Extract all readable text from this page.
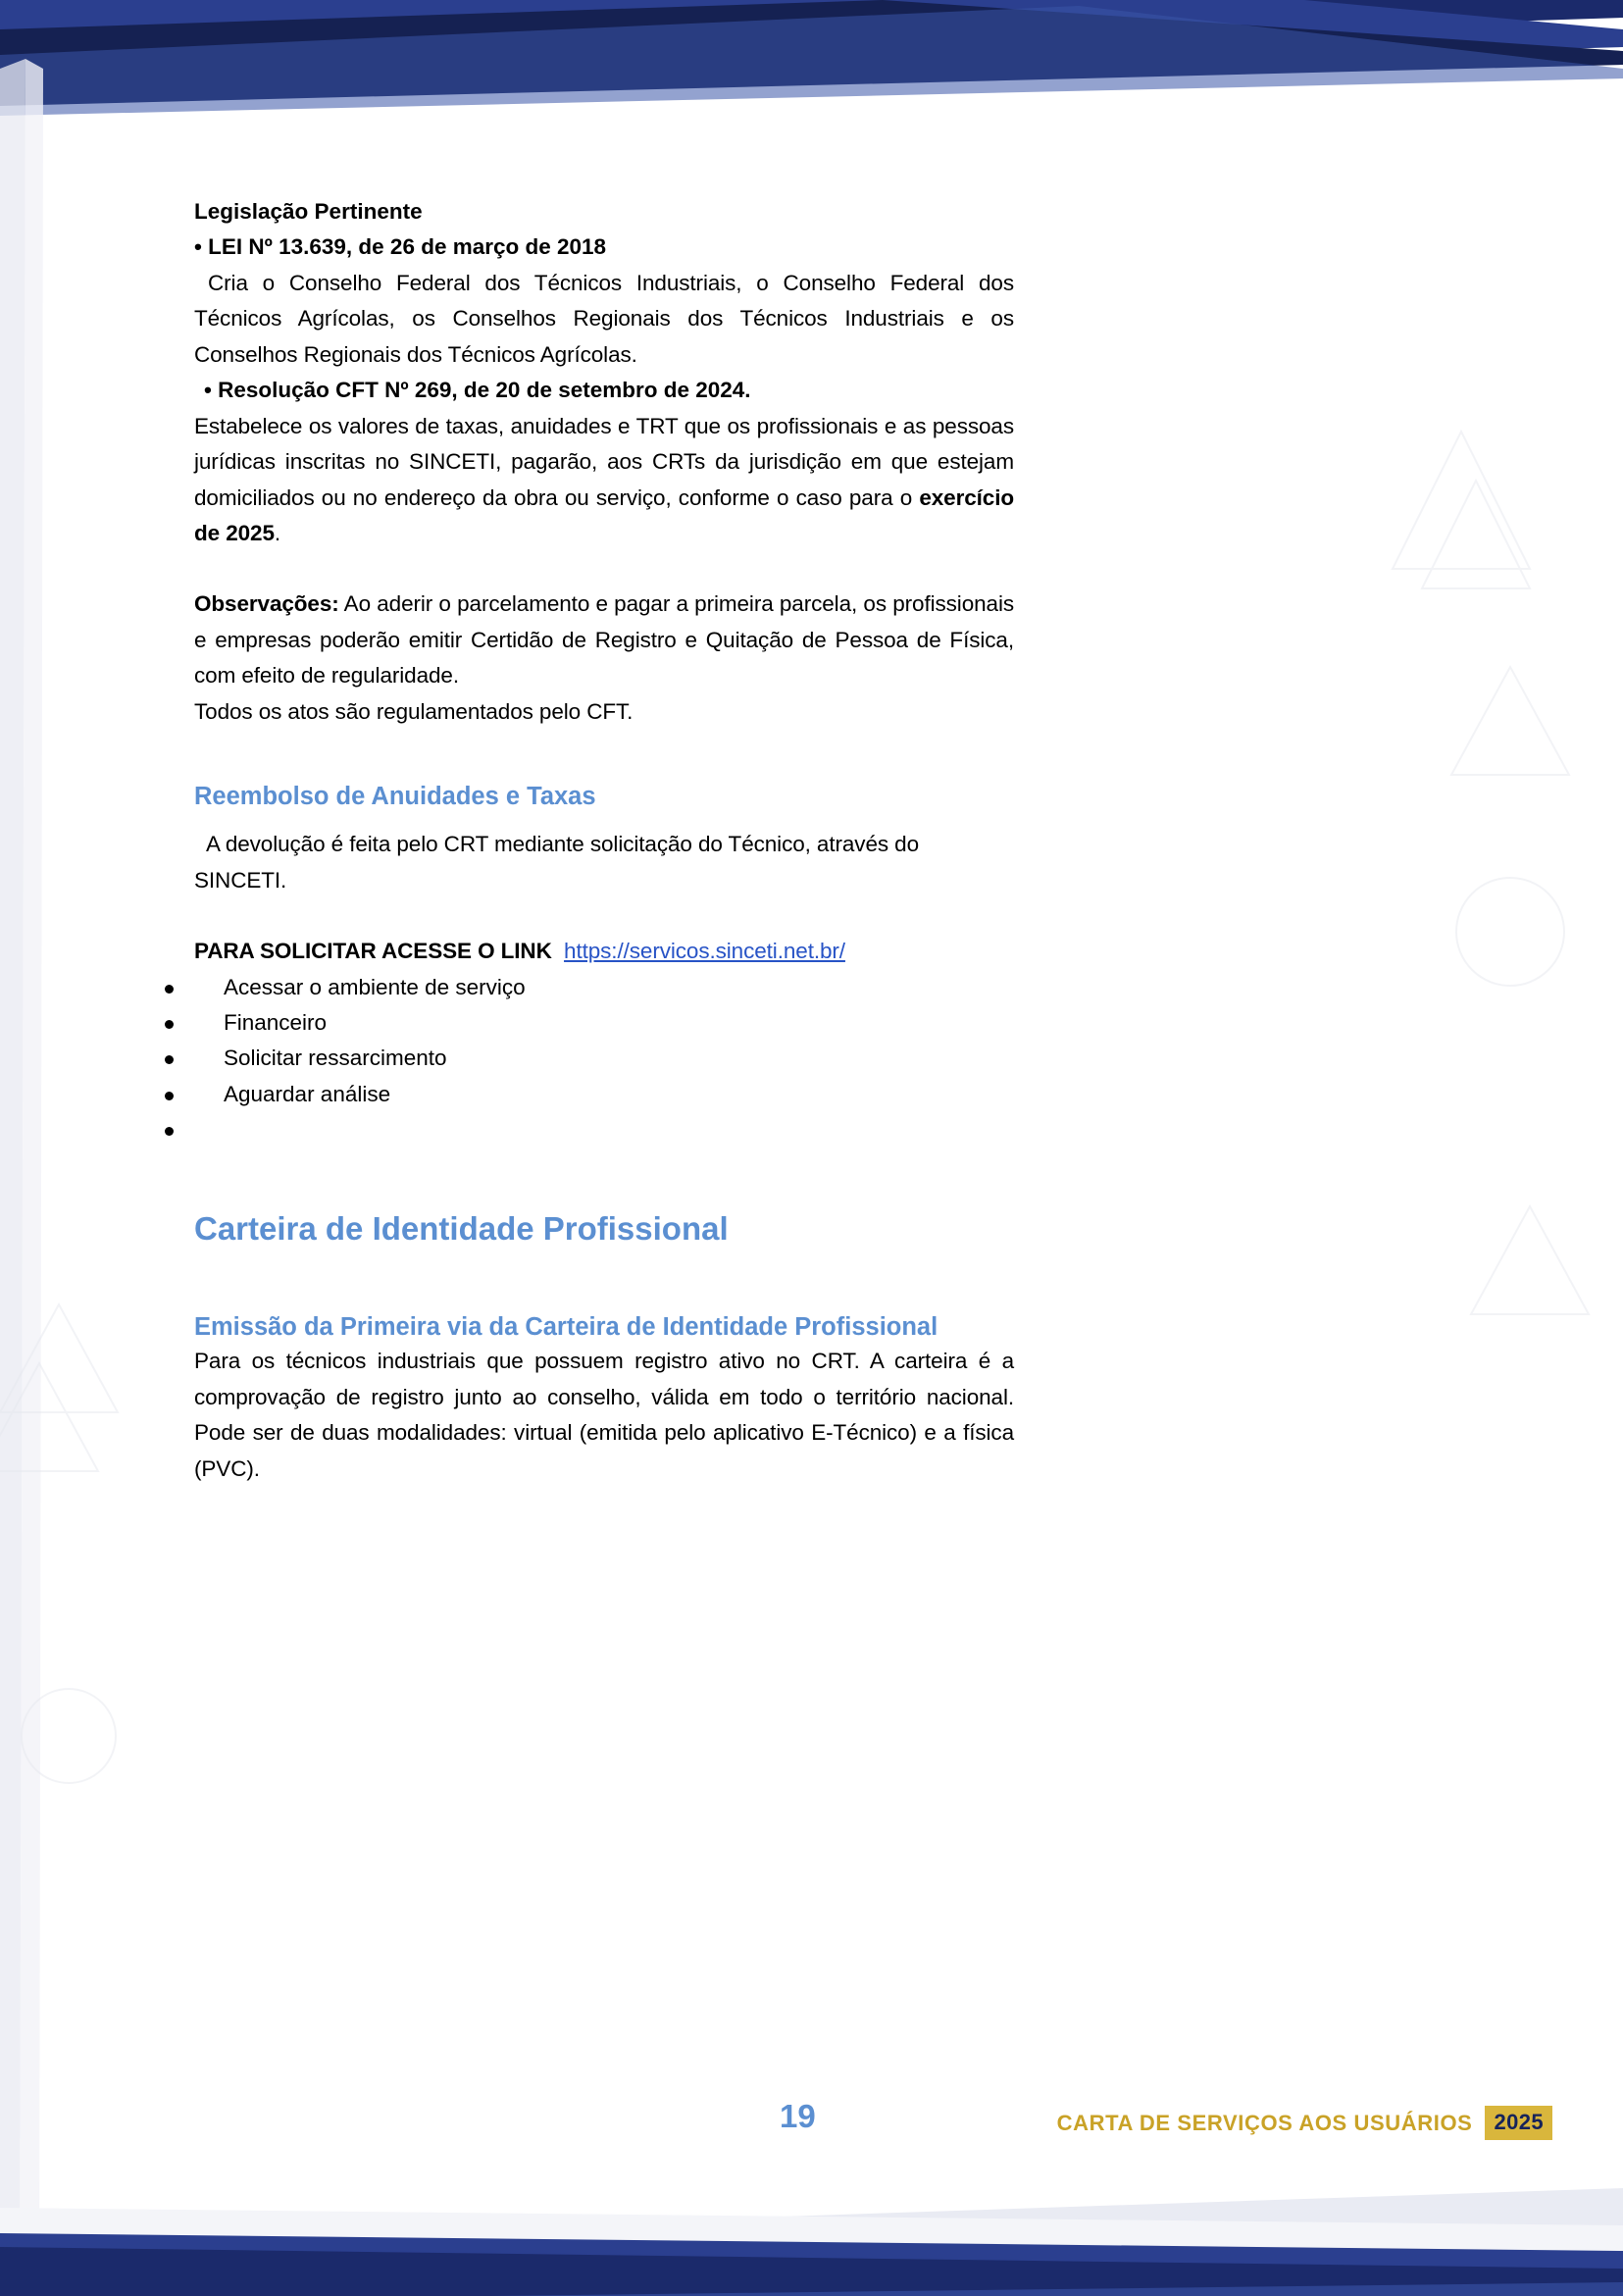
Legislação Pertinente
• LEI Nº 13.639, de 26 de março de 2018

Cria o Conselho Federal dos Técnicos Industriais, o Conselho Federal dos Técnicos Agrícolas, os Conselhos Regionais dos Técnicos Industriais e os Conselhos Regionais dos Técnicos Agrícolas.

• Resolução CFT Nº 269, de 20 de setembro de 2024.

Estabelece os valores de taxas, anuidades e TRT que os profissionais e as pessoas jurídicas inscritas no SINCETI, pagarão, aos CRTs da jurisdição em que estejam domiciliados ou no endereço da obra ou serviço, conforme o caso para o exercício de 2025.

Observações: Ao aderir o parcelamento e pagar a primeira parcela, os profissionais e empresas poderão emitir Certidão de Registro e Quitação de Pessoa de Física, com efeito de regularidade.

Todos os atos são regulamentados pelo CFT.

Reembolso de Anuidades e Taxas

A devolução é feita pelo CRT mediante solicitação do Técnico, através do SINCETI.

PARA SOLICITAR ACESSE O LINK https://servicos.sinceti.net.br/

Acessar o ambiente de serviço
Financeiro
Solicitar ressarcimento
Aguardar análise
Carteira de Identidade Profissional
Emissão da Primeira via da Carteira de Identidade Profissional

Para os técnicos industriais que possuem registro ativo no CRT. A carteira é a comprovação de registro junto ao conselho, válida em todo o território nacional. Pode ser de duas modalidades: virtual (emitida pelo aplicativo E-Técnico) e a física (PVC).

19	CARTA DE SERVIÇOS AOS USUÁRIOS	2025
